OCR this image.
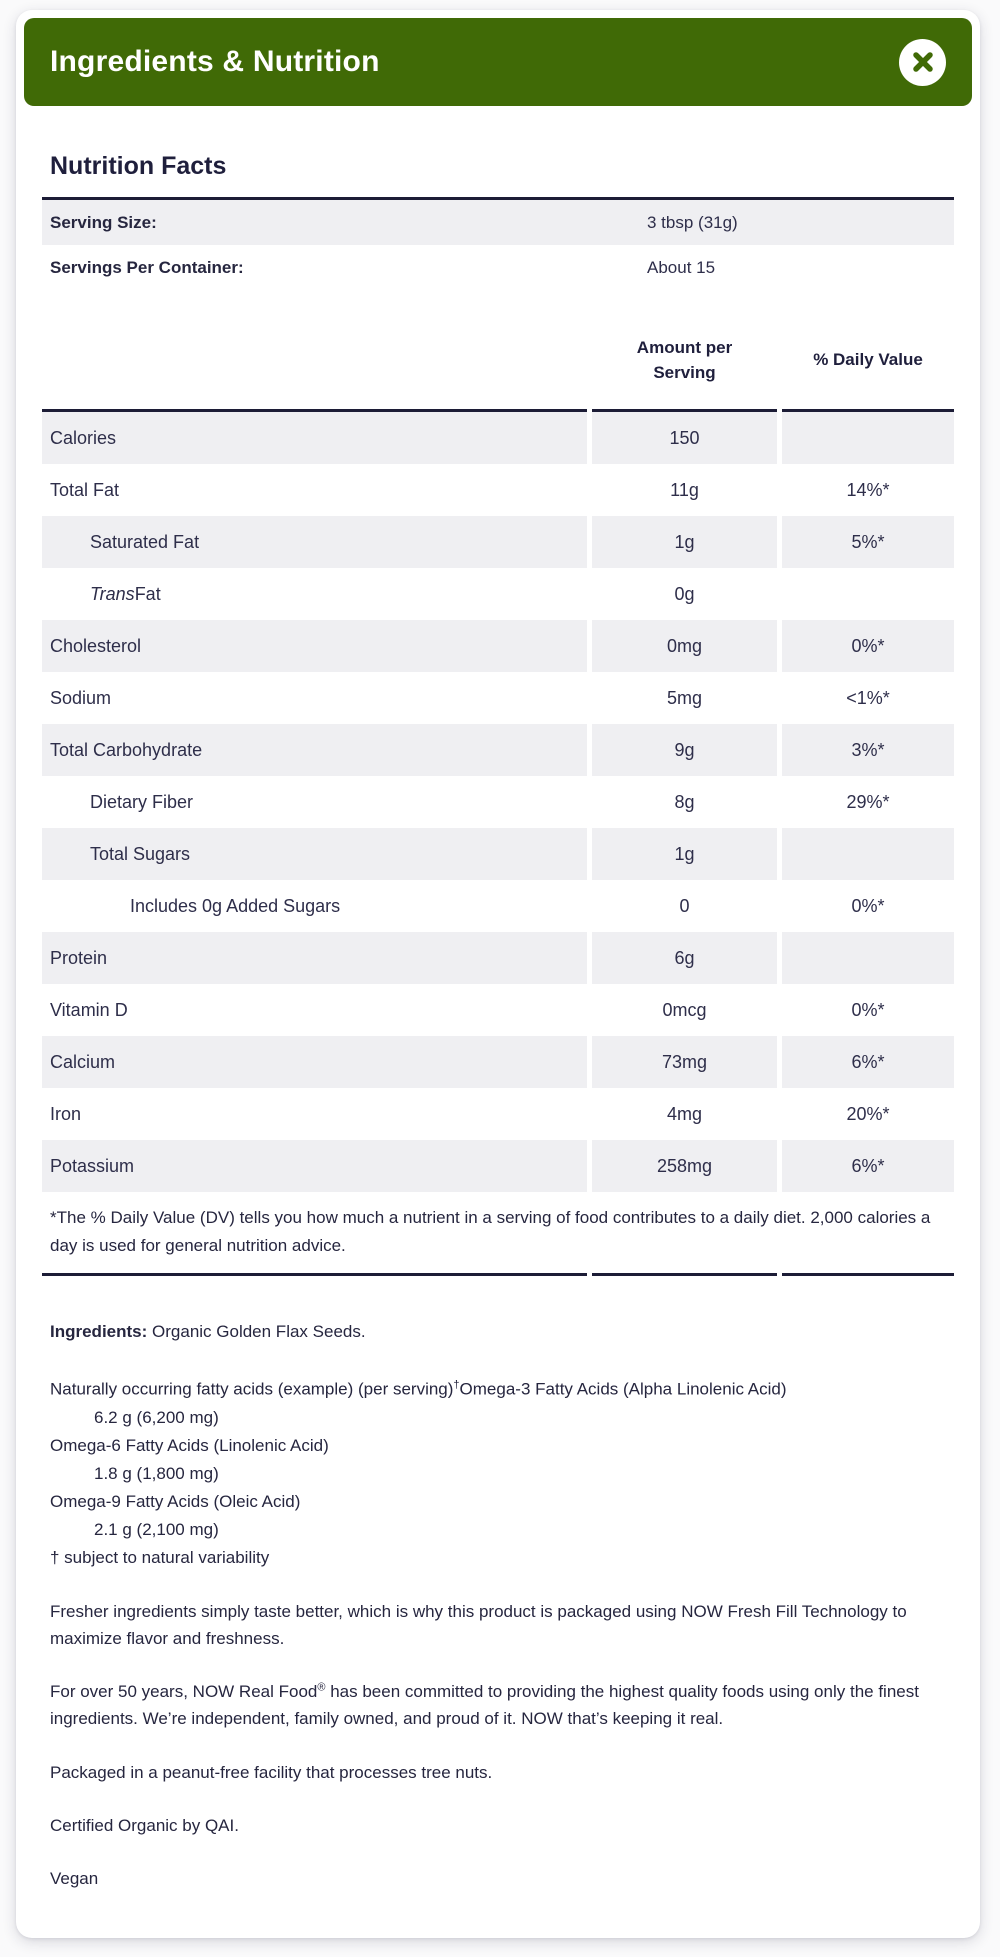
Ingredients & Nutrition
Nutrition Facts
Serving Size:	3 tbsp (31g)
Servings Per Container:	About 15
Amount per Serving
% Daily Value
Calories	150
Total Fat	11g	14%*
Saturated Fat	1g	5%*
Trans Fat	0g
Cholesterol	0mg	0%*
Sodium	5mg	<1%*
Total Carbohydrate	9g	3%*
Dietary Fiber	8g	29%*
Total Sugars	1g
Includes 0g Added Sugars	0	0%*
Protein	6g
Vitamin D	0mcg	0%*
Calcium	73mg	6%*
Iron	4mg	20%*
Potassium	258mg	6%*
*The % Daily Value (DV) tells you how much a nutrient in a serving of food contributes to a daily diet. 2,000 calories a day is used for general nutrition advice.

Ingredients: Organic Golden Flax Seeds.

Naturally occurring fatty acids (example) (per serving)†Omega-3 Fatty Acids (Alpha Linolenic Acid)
6.2 g (6,200 mg)
Omega-6 Fatty Acids (Linolenic Acid)
1.8 g (1,800 mg)
Omega-9 Fatty Acids (Oleic Acid)
2.1 g (2,100 mg)
† subject to natural variability

Fresher ingredients simply taste better, which is why this product is packaged using NOW Fresh Fill Technology to maximize flavor and freshness.

For over 50 years, NOW Real Food® has been committed to providing the highest quality foods using only the finest ingredients. We’re independent, family owned, and proud of it. NOW that’s keeping it real.

Packaged in a peanut-free facility that processes tree nuts.

Certified Organic by QAI.

Vegan
